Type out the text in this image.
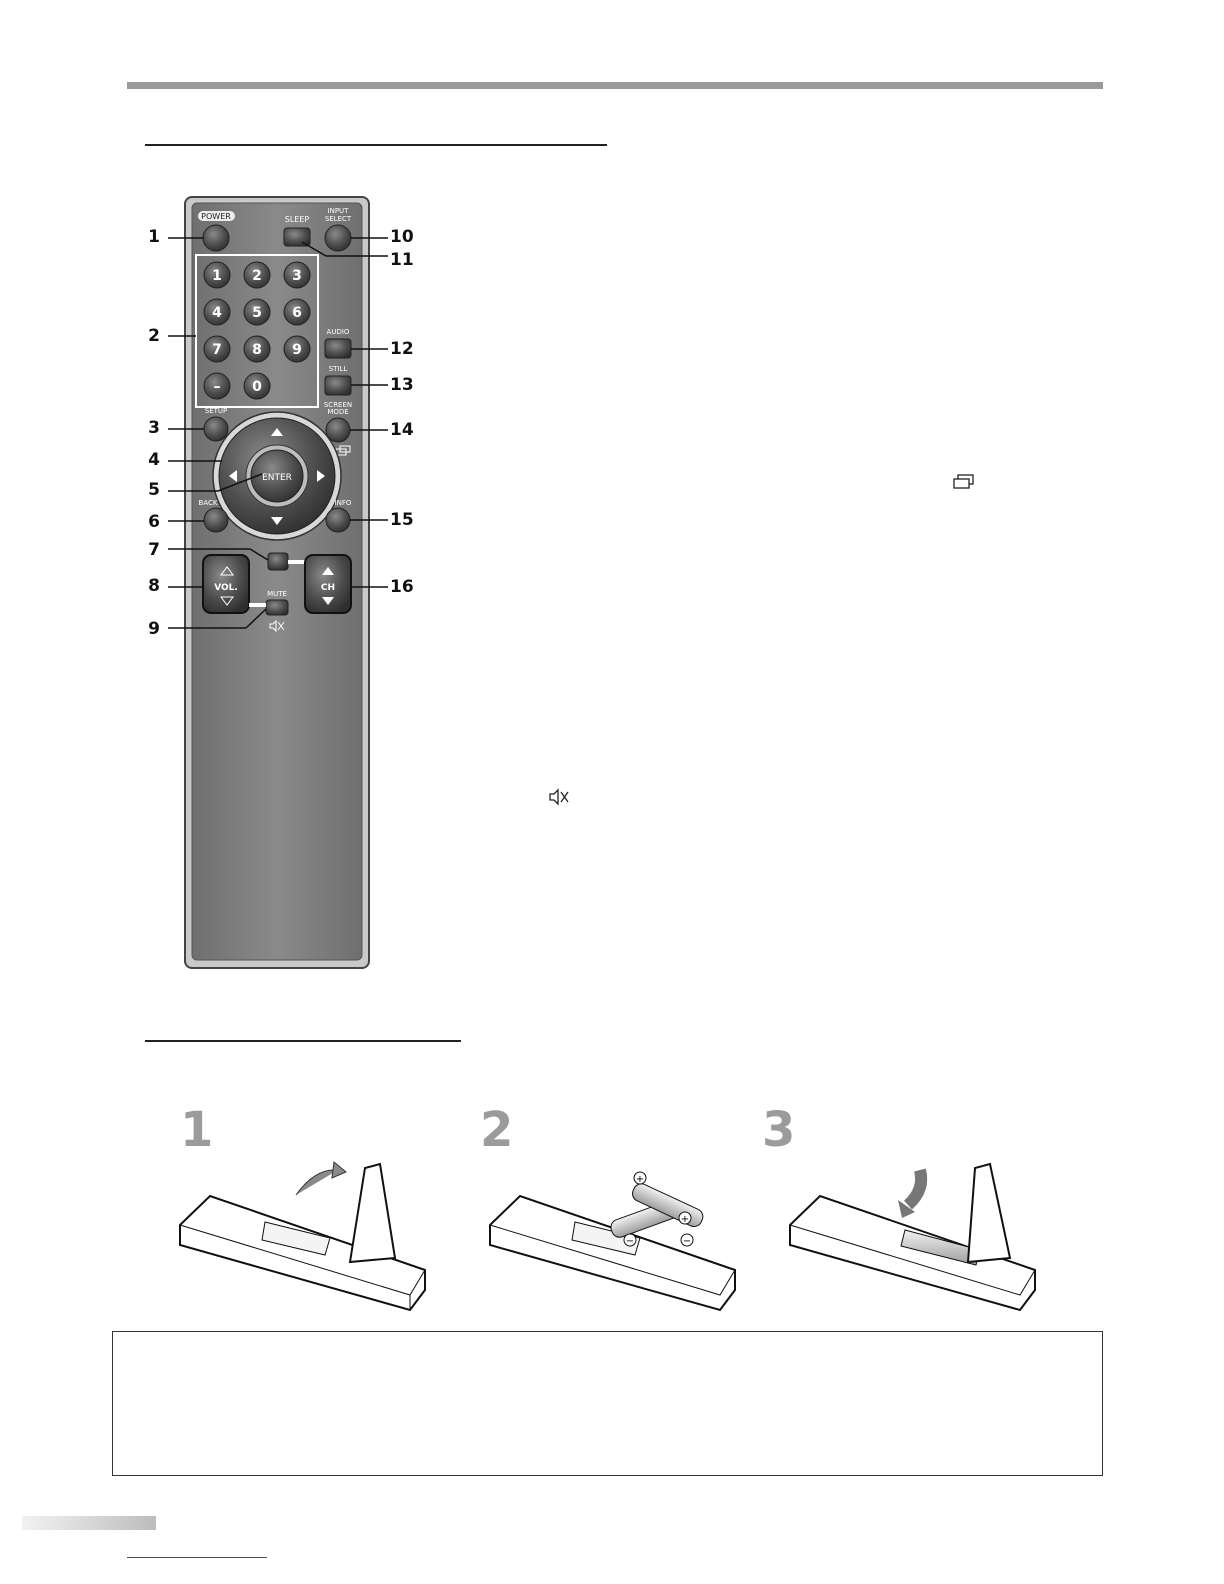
POWER	SLEEP
INPUT
SELECT
1 2 3
4 5 6
7 8 9
– 0
AUDIO
STILL
SETUP
SCREEN
MODE
ENTER
BACK	INFO
VOL.
MUTE
CH
1
2
3
4
5
6
7
8
9
10
11
12
13
14
15
16
1	2	3
−
+
+
−
